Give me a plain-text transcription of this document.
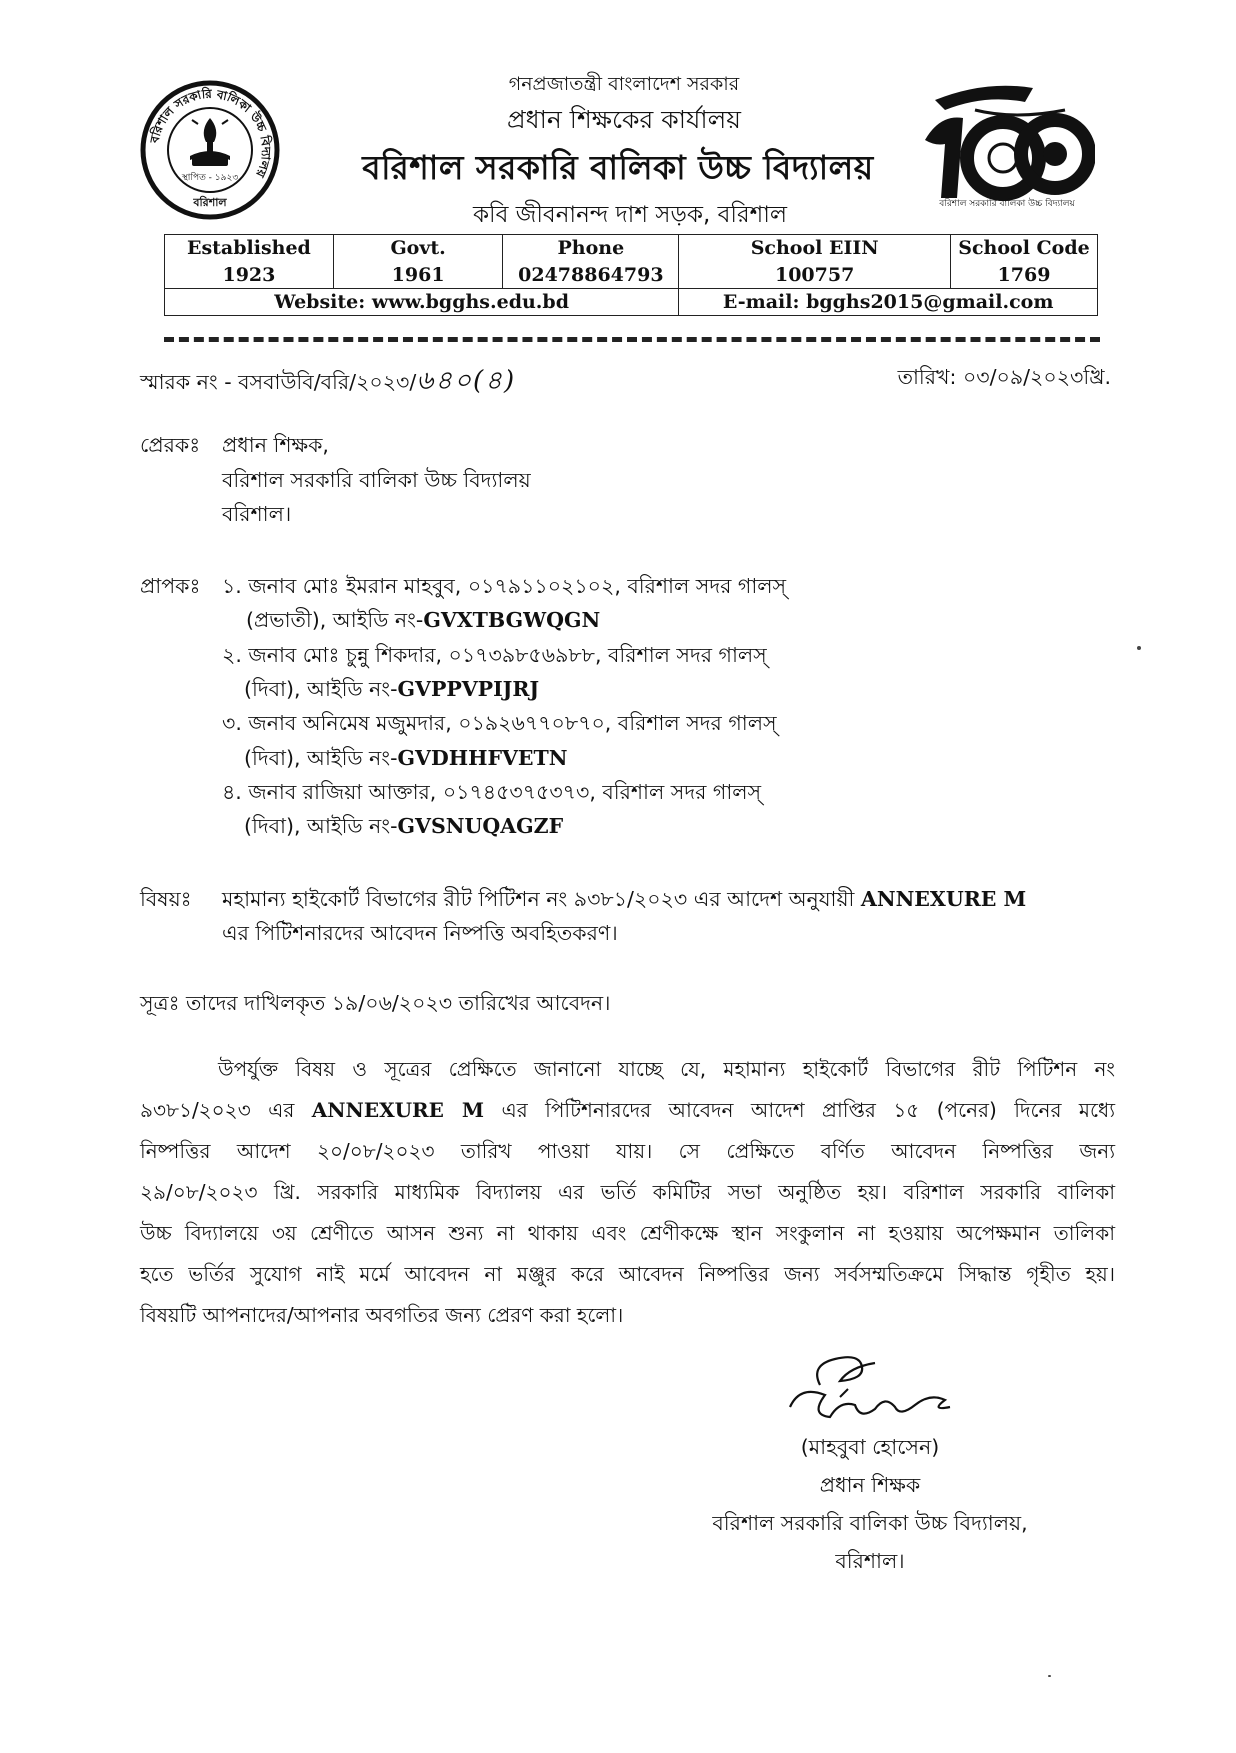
বরিশাল সরকারি বালিকা উচ্চ বিদ্যালয়
স্থাপিত - ১৯২৩
বরিশাল	বরিশাল সরকারি বালিকা উচ্চ বিদ্যালয়
গনপ্রজাতন্ত্রী বাংলাদেশ সরকার
প্রধান শিক্ষকের কার্যালয়
বরিশাল সরকারি বালিকা উচ্চ বিদ্যালয়
কবি জীবনানন্দ দাশ সড়ক, বরিশাল
Established	Govt.	Phone	School EIIN	School Code
1923	1961	02478864793	100757	1769
Website: www.bgghs.edu.bd			E-mail: bgghs2015@gmail.com	
স্মারক নং - বসবাউবি/বরি/২০২৩/৬৪০(৪)	তারিখ: ০৩/০৯/২০২৩খ্রি.
প্রেরকঃ প্রধান শিক্ষক,
বরিশাল সরকারি বালিকা উচ্চ বিদ্যালয়
বরিশাল।
প্রাপকঃ ১. জনাব মোঃ ইমরান মাহবুব, ০১৭৯১১০২১০২, বরিশাল সদর গালস্
(প্রভাতী), আইডি নং-GVXTBGWQGN
২. জনাব মোঃ চুন্নু শিকদার, ০১৭৩৯৮৫৬৯৮৮, বরিশাল সদর গালস্
(দিবা), আইডি নং-GVPPVPIJRJ
৩. জনাব অনিমেষ মজুমদার, ০১৯২৬৭৭০৮৭০, বরিশাল সদর গালস্
(দিবা), আইডি নং-GVDHHFVETN
৪. জনাব রাজিয়া আক্তার, ০১৭৪৫৩৭৫৩৭৩, বরিশাল সদর গালস্
(দিবা), আইডি নং-GVSNUQAGZF
বিষয়ঃ মহামান্য হাইকোর্ট বিভাগের রীট পিটিশন নং ৯৩৮১/২০২৩ এর আদেশ অনুযায়ী ANNEXURE M
এর পিটিশনারদের আবেদন নিষ্পত্তি অবহিতকরণ।
সূত্রঃ তাদের দাখিলকৃত ১৯/০৬/২০২৩ তারিখের আবেদন।
উপর্যুক্ত বিষয় ও সূত্রের প্রেক্ষিতে জানানো যাচ্ছে যে, মহামান্য হাইকোর্ট বিভাগের রীট পিটিশন নং
৯৩৮১/২০২৩ এর ANNEXURE M এর পিটিশনারদের আবেদন আদেশ প্রাপ্তির ১৫ (পনের) দিনের মধ্যে
নিষ্পত্তির আদেশ ২০/০৮/২০২৩ তারিখ পাওয়া যায়। সে প্রেক্ষিতে বর্ণিত আবেদন নিষ্পত্তির জন্য
২৯/০৮/২০২৩ খ্রি. সরকারি মাধ্যমিক বিদ্যালয় এর ভর্তি কমিটির সভা অনুষ্ঠিত হয়। বরিশাল সরকারি বালিকা
উচ্চ বিদ্যালয়ে ৩য় শ্রেণীতে আসন শুন্য না থাকায় এবং শ্রেণীকক্ষে স্থান সংকুলান না হওয়ায় অপেক্ষমান তালিকা
হতে ভর্তির সুযোগ নাই মর্মে আবেদন না মঞ্জুর করে আবেদন নিষ্পত্তির জন্য সর্বসম্মতিক্রমে সিদ্ধান্ত গৃহীত হয়।
বিষয়টি আপনাদের/আপনার অবগতির জন্য প্রেরণ করা হলো।
(মাহবুবা হোসেন)
প্রধান শিক্ষক
বরিশাল সরকারি বালিকা উচ্চ বিদ্যালয়,
বরিশাল।
